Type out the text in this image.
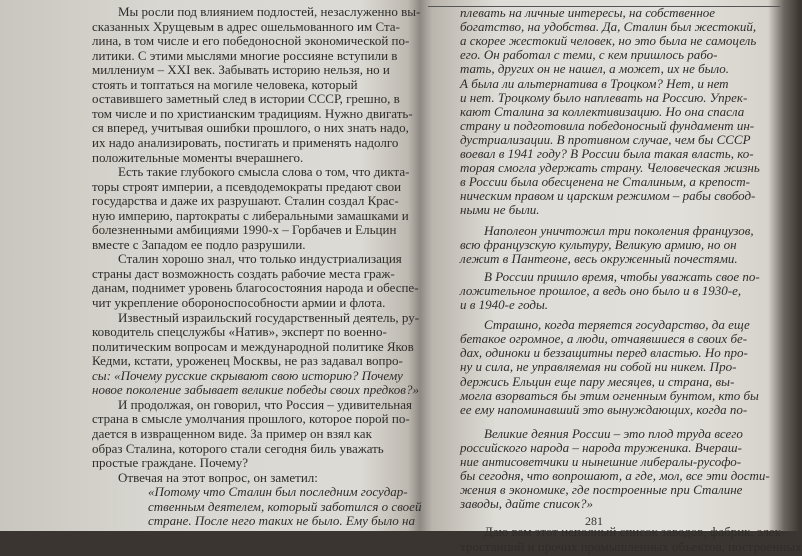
Мы росли под влиянием подлостей, незаслуженно вы-
сказанных Хрущевым в адрес ошельмованного им Ста-
лина, в том числе и его победоносной экономической по-
литики. С этими мыслями многие россияне вступили в
миллениум – XXI век. Забывать историю нельзя, но и
стоять и топтаться на могиле человека, который
оставившего заметный след в истории СССР, грешно, в
том числе и по христианским традициям. Нужно двигать-
ся вперед, учитывая ошибки прошлого, о них знать надо,
их надо анализировать, постигать и применять надолго
положительные моменты вчерашнего.
Есть такие глубокого смысла слова о том, что дикта-
торы строят империи, а псевдодемократы предают свои
государства и даже их разрушают. Сталин создал Крас-
ную империю, партократы с либеральными замашками и
болезненными амбициями 1990-х – Горбачев и Ельцин
вместе с Западом ее подло разрушили.
Сталин хорошо знал, что только индустриализация
страны даст возможность создать рабочие места граж-
данам, поднимет уровень благосостояния народа и обеспе-
чит укрепление обороноспособности армии и флота.
Известный израильский государственный деятель, ру-
ководитель спецслужбы «Натив», эксперт по военно-
политическим вопросам и международной политике Яков
Кедми, кстати, уроженец Москвы, не раз задавал вопро-
сы: «Почему русские скрывают свою историю? Почему
новое поколение забывает великие победы своих предков?»
И продолжая, он говорил, что Россия – удивительная
страна в смысле умолчания прошлого, которое порой по-
дается в извращенном виде. За пример он взял как
образ Сталина, которого стали сегодня биль уважать
простые граждане. Почему?
Отвечая на этот вопрос, он заметил:
«Потому что Сталин был последним государ-
ственным деятелем, который заботился о своей
стране. После него таких не было. Ему было на
плевать на личные интересы, на собственное
богатство, на удобства. Да, Сталин был жестокий,
а скорее жестокий человек, но это была не самоцель
его. Он работал с теми, с кем пришлось рабо-
тать, других он не нашел, а может, их не было.
А была ли альтернатива в Троцком? Нет, и нет
и нет. Троцкому было наплевать на Россию. Упрек-
кают Сталина за коллективизацию. Но она спасла
страну и подготовила победоносный фундамент ин-
дустриализации. В противном случае, чем бы СССР
воевал в 1941 году? В России была такая власть, ко-
торая смогла удержать страну. Человеческая жизнь
в России была обесценена не Сталиным, а крепост-
ническим правом и царским режимом – рабы свобод-
ными не были.
Наполеон уничтожил три поколения французов,
всю французскую культуру, Великую армию, но он
лежит в Пантеоне, весь окруженный почестями.
В России пришло время, чтобы уважать свое по-
ложительное прошлое, а ведь оно было и в 1930-е,
и в 1940-е годы.
Страшно, когда теряется государство, да еще
бетакое огромное, а люди, отчаявшиеся в своих бе-
дах, одиноки и беззащитны перед властью. Но про-
ну и сила, не управляемая ни собой ни никем. Про-
держись Ельцин еще пару месяцев, и страна, вы-
могла взорваться бы этим огненным бунтом, кто бы
ее ему напоминавший это вынуждающих, когда по-
Великие деяния России – это плод труда всего
российского народа – народа труженика. Вчераш-
ние антисоветчики и нынешние либералы-русофо-
бы сегодня, что вопрошают, а где, мол, все эти дости-
жения в экономике, где построенные при Сталине
заводы, дайте список?»
Даю вам этот неполный список заводов, фабрик, элек-
тростанций и прочих промышленных объектов, построенных
281
